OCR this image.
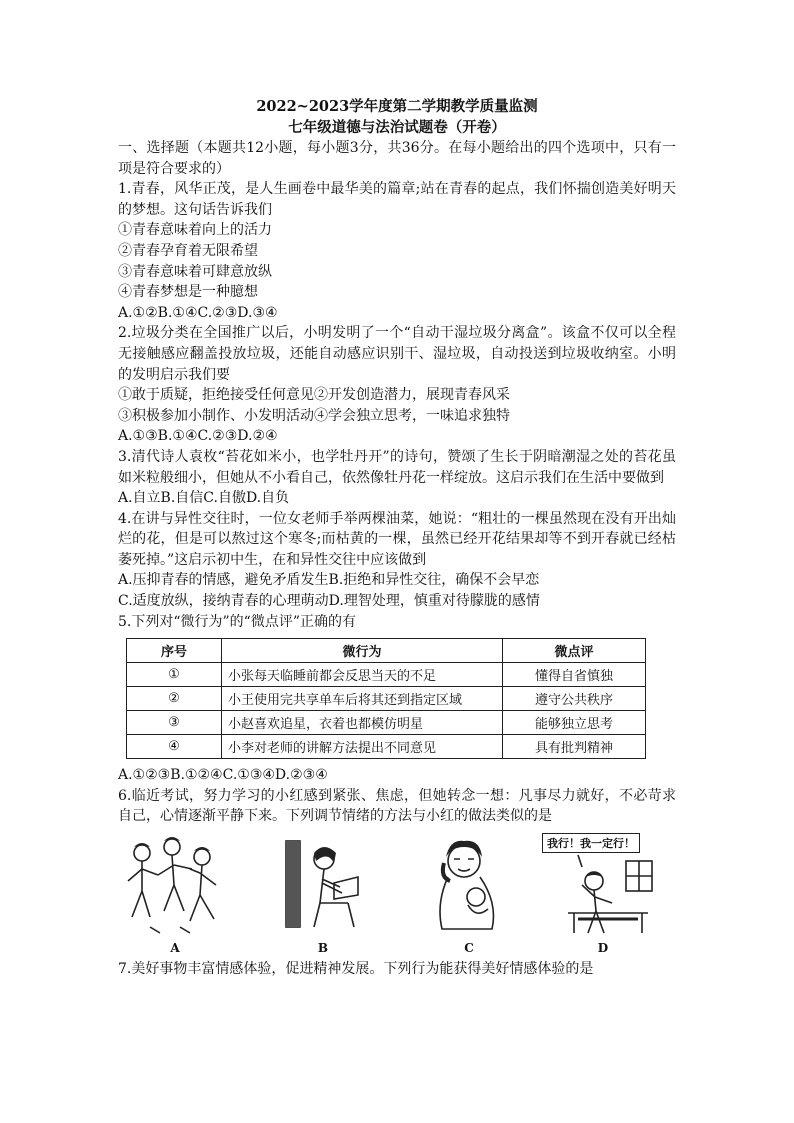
2022~2023学年度第二学期教学质量监测

七年级道德与法治试题卷（开卷）

一、选择题（本题共12小题，每小题3分，共36分。在每小题给出的四个选项中，只有一项是符合要求的）

1.青春，风华正茂，是人生画卷中最华美的篇章;站在青春的起点，我们怀揣创造美好明天的梦想。这句话告诉我们

①青春意味着向上的活力

②青春孕育着无限希望

③青春意味着可肆意放纵

④青春梦想是一种臆想

A.①②B.①④C.②③D.③④

2.垃圾分类在全国推广以后，小明发明了一个“自动干湿垃圾分离盒”。该盒不仅可以全程无接触感应翻盖投放垃圾，还能自动感应识别干、湿垃圾，自动投送到垃圾收纳室。小明的发明启示我们要

①敢于质疑，拒绝接受任何意见②开发创造潜力，展现青春风采

③积极参加小制作、小发明活动④学会独立思考，一味追求独特

A.①③B.①④C.②③D.②④

3.清代诗人袁枚“苔花如米小，也学牡丹开”的诗句，赞颂了生长于阴暗潮湿之处的苔花虽如米粒般细小，但她从不小看自己，依然像牡丹花一样绽放。这启示我们在生活中要做到

A.自立B.自信C.自傲D.自负

4.在讲与异性交往时，一位女老师手举两棵油菜，她说：“粗壮的一棵虽然现在没有开出灿烂的花，但是可以熬过这个寒冬;而枯黄的一棵，虽然已经开花结果却等不到开春就已经枯萎死掉。”这启示初中生，在和异性交往中应该做到

A.压抑青春的情感，避免矛盾发生B.拒绝和异性交往，确保不会早恋

C.适度放纵，接纳青春的心理萌动D.理智处理，慎重对待朦胧的感情

5.下列对“微行为”的“微点评”正确的有

序号	微行为	微点评
①	小张每天临睡前都会反思当天的不足	懂得自省慎独
②	小王使用完共享单车后将其还到指定区域	遵守公共秩序
③	小赵喜欢追星，衣着也都模仿明星	能够独立思考
④	小李对老师的讲解方法提出不同意见	具有批判精神

A.①②③B.①②④C.①③④D.②③④

6.临近考试，努力学习的小红感到紧张、焦虑，但她转念一想：凡事尽力就好，不必苛求自己，心情逐渐平静下来。下列调节情绪的方法与小红的做法类似的是

A	B	C
我行！我一定行！
D

7.美好事物丰富情感体验，促进精神发展。下列行为能获得美好情感体验的是
